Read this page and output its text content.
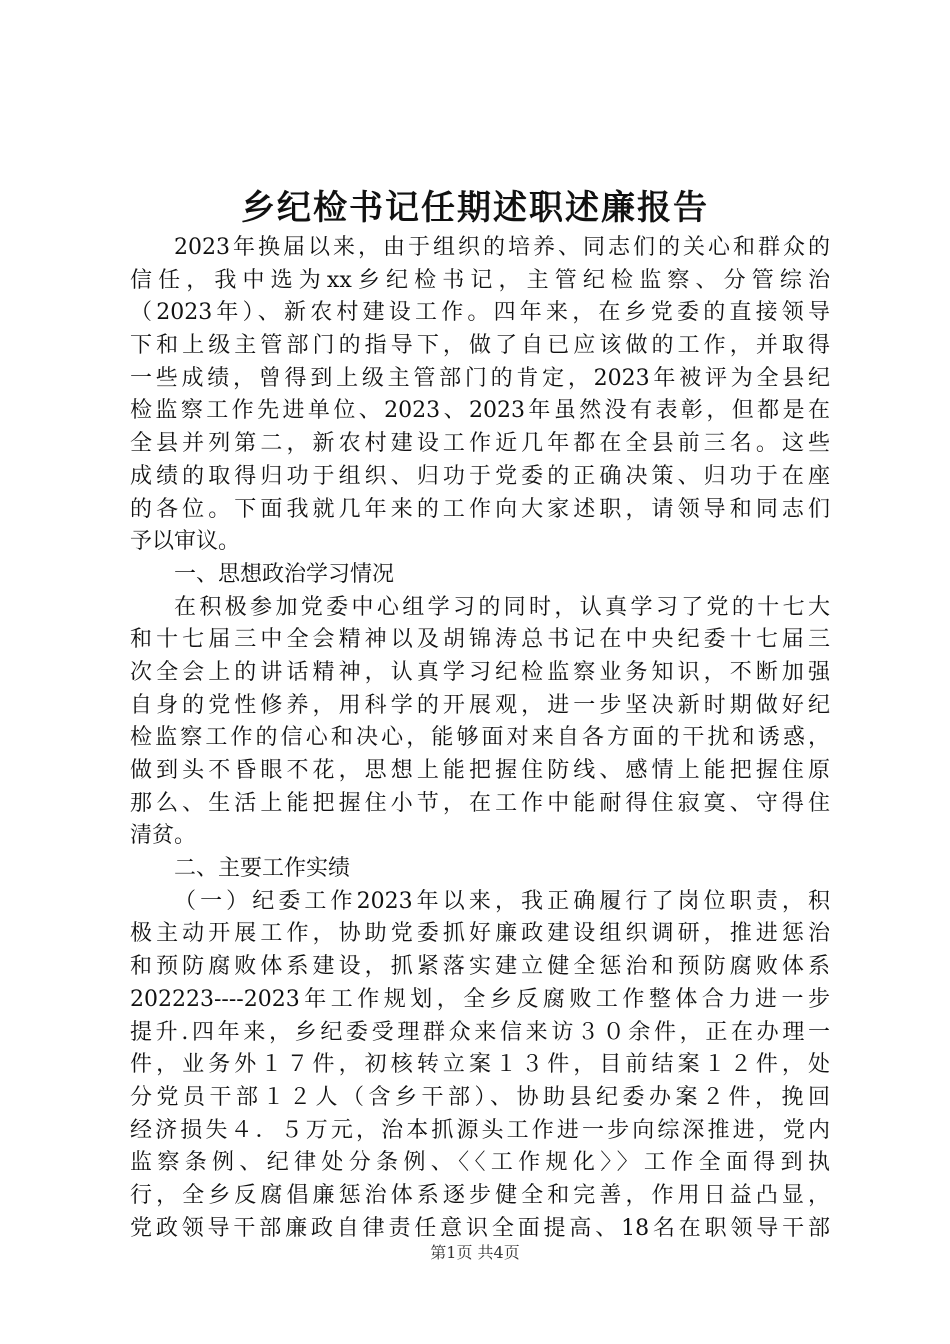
乡纪检书记任期述职述廉报告
2023年换届以来，由于组织的培养、同志们的关心和群众的
信任，我中选为xx乡纪检书记，主管纪检监察、分管综治
（2023年）、新农村建设工作。四年来，在乡党委的直接领导
下和上级主管部门的指导下，做了自已应该做的工作，并取得
一些成绩，曾得到上级主管部门的肯定，2023年被评为全县纪
检监察工作先进单位、2023、2023年虽然没有表彰，但都是在
全县并列第二，新农村建设工作近几年都在全县前三名。这些
成绩的取得归功于组织、归功于党委的正确决策、归功于在座
的各位。下面我就几年来的工作向大家述职，请领导和同志们
予以审议。
一、思想政治学习情况
在积极参加党委中心组学习的同时，认真学习了党的十七大
和十七届三中全会精神以及胡锦涛总书记在中央纪委十七届三
次全会上的讲话精神，认真学习纪检监察业务知识，不断加强
自身的党性修养，用科学的开展观，进一步坚决新时期做好纪
检监察工作的信心和决心，能够面对来自各方面的干扰和诱惑，
做到头不昏眼不花，思想上能把握住防线、感情上能把握住原
那么、生活上能把握住小节，在工作中能耐得住寂寞、守得住
清贫。
二、主要工作实绩
（一）纪委工作2023年以来，我正确履行了岗位职责，积
极主动开展工作，协助党委抓好廉政建设组织调研，推进惩治
和预防腐败体系建设，抓紧落实建立健全惩治和预防腐败体系
202223----2023年工作规划，全乡反腐败工作整体合力进一步
提升.四年来，乡纪委受理群众来信来访３０余件，正在办理一
件，业务外１７件，初核转立案１３件，目前结案１２件，处
分党员干部１２人（含乡干部）、协助县纪委办案２件，挽回
经济损失４．５万元，治本抓源头工作进一步向综深推进，党内
监察条例、纪律处分条例、〈〈工作规化〉〉工作全面得到执
行，全乡反腐倡廉惩治体系逐步健全和完善，作用日益凸显，
党政领导干部廉政自律责任意识全面提高、18名在职领导干部
第1页 共4页
